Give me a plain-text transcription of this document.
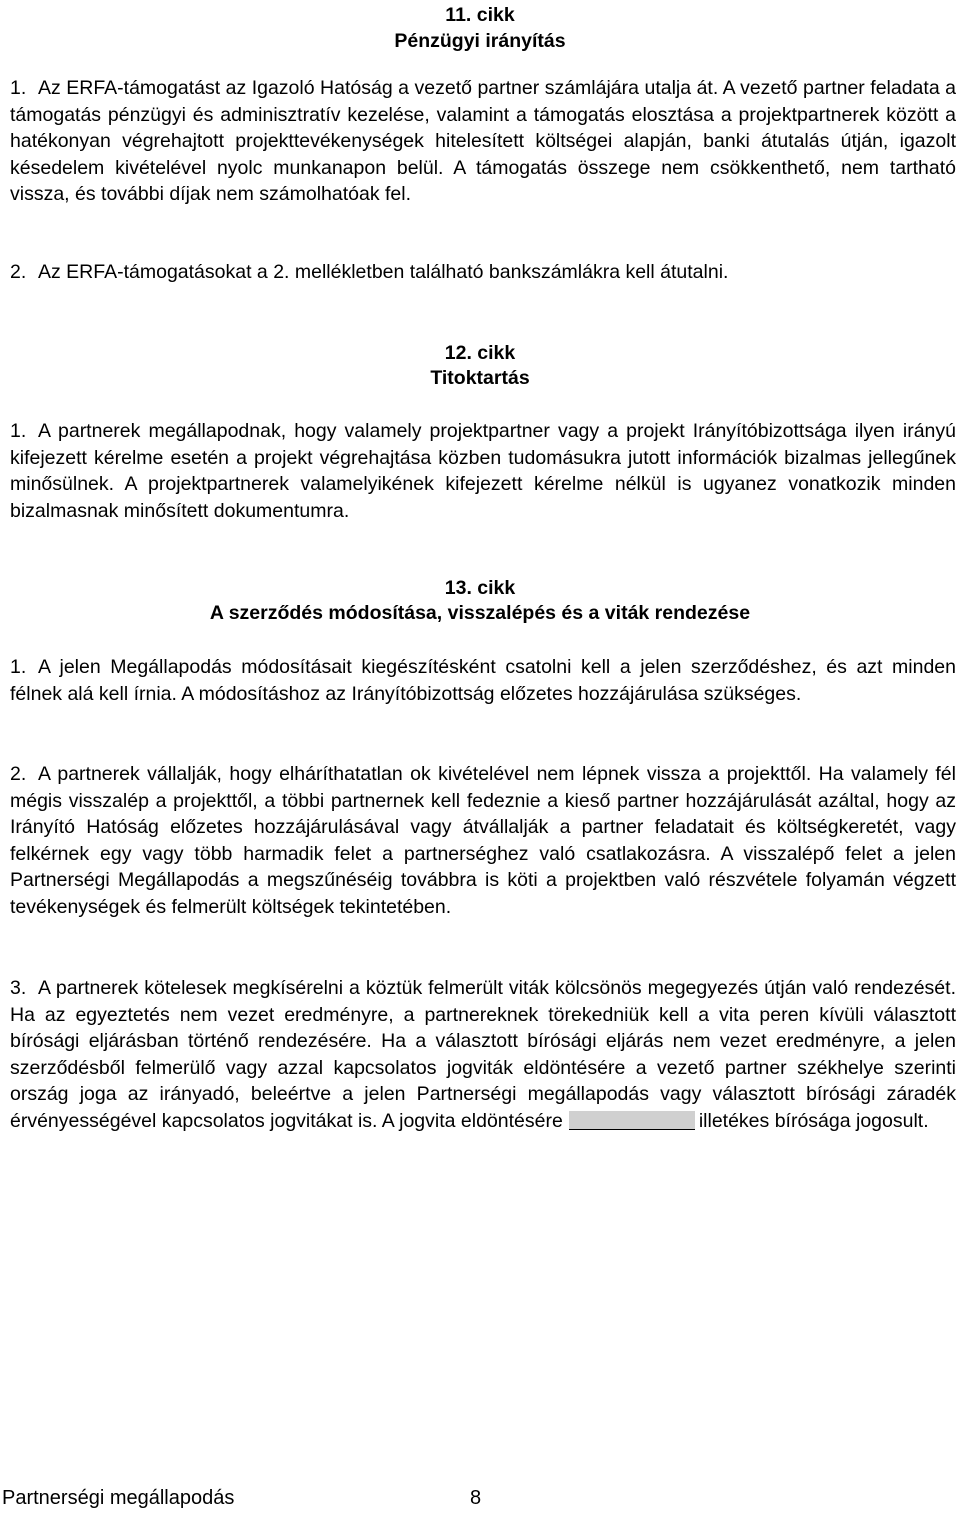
11. cikk
Pénzügyi irányítás

1. Az ERFA-támogatást az Igazoló Hatóság a vezető partner számlájára utalja át. A vezető partner feladata a támogatás pénzügyi és adminisztratív kezelése, valamint a támogatás elosztása a projektpartnerek között a hatékonyan végrehajtott projekttevékenységek hitelesített költségei alapján, banki átutalás útján, igazolt késedelem kivételével nyolc munkanapon belül. A támogatás összege nem csökkenthető, nem tartható vissza, és további díjak nem számolhatóak fel.

2. Az ERFA-támogatásokat a 2. mellékletben található bankszámlákra kell átutalni.

12. cikk
Titoktartás

1. A partnerek megállapodnak, hogy valamely projektpartner vagy a projekt Irányítóbizottsága ilyen irányú kifejezett kérelme esetén a projekt végrehajtása közben tudomásukra jutott információk bizalmas jellegűnek minősülnek. A projektpartnerek valamelyikének kifejezett kérelme nélkül is ugyanez vonatkozik minden bizalmasnak minősített dokumentumra.

13. cikk
A szerződés módosítása, visszalépés és a viták rendezése

1. A jelen Megállapodás módosításait kiegészítésként csatolni kell a jelen szerződéshez, és azt minden félnek alá kell írnia. A módosításhoz az Irányítóbizottság előzetes hozzájárulása szükséges.

2. A partnerek vállalják, hogy elháríthatatlan ok kivételével nem lépnek vissza a projekttől. Ha valamely fél mégis visszalép a projekttől, a többi partnernek kell fedeznie a kieső partner hozzájárulását azáltal, hogy az Irányító Hatóság előzetes hozzájárulásával vagy átvállalják a partner feladatait és költségkeretét, vagy felkérnek egy vagy több harmadik felet a partnerséghez való csatlakozásra. A visszalépő felet a jelen Partnerségi Megállapodás a megszűnéséig továbbra is köti a projektben való részvétele folyamán végzett tevékenységek és felmerült költségek tekintetében.

3. A partnerek kötelesek megkísérelni a köztük felmerült viták kölcsönös megegyezés útján való rendezését. Ha az egyeztetés nem vezet eredményre, a partnereknek törekedniük kell a vita peren kívüli választott bírósági eljárásban történő rendezésére. Ha a választott bírósági eljárás nem vezet eredményre, a jelen szerződésből felmerülő vagy azzal kapcsolatos jogviták eldöntésére a vezető partner székhelye szerinti ország joga az irányadó, beleértve a jelen Partnerségi megállapodás vagy választott bírósági záradék érvényességével kapcsolatos jogvitákat is. A jogvita eldöntésére	illetékes bírósága jogosult.

Partnerségi megállapodás	8
